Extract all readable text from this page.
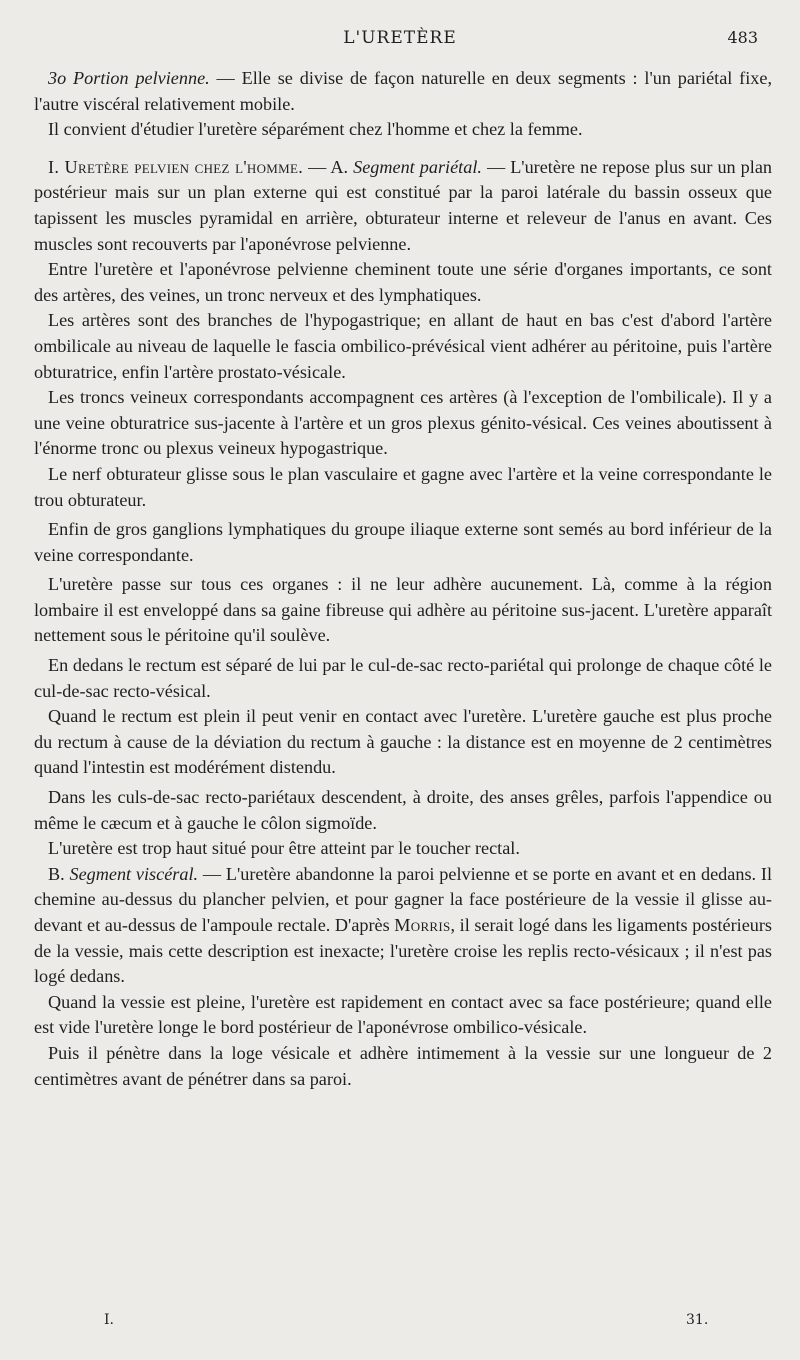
L'URETÈRE	483

3o Portion pelvienne. — Elle se divise de façon naturelle en deux segments : l'un pariétal fixe, l'autre viscéral relativement mobile.

Il convient d'étudier l'uretère séparément chez l'homme et chez la femme.

I. Uretère pelvien chez l'homme. — A. Segment pariétal. — L'uretère ne repose plus sur un plan postérieur mais sur un plan externe qui est constitué par la paroi latérale du bassin osseux que tapissent les muscles pyramidal en arrière, obturateur interne et releveur de l'anus en avant. Ces muscles sont recouverts par l'aponévrose pelvienne.

Entre l'uretère et l'aponévrose pelvienne cheminent toute une série d'organes importants, ce sont des artères, des veines, un tronc nerveux et des lymphatiques.

Les artères sont des branches de l'hypogastrique; en allant de haut en bas c'est d'abord l'artère ombilicale au niveau de laquelle le fascia ombilico-prévésical vient adhérer au péritoine, puis l'artère obturatrice, enfin l'artère prostato-vésicale.

Les troncs veineux correspondants accompagnent ces artères (à l'exception de l'ombilicale). Il y a une veine obturatrice sus-jacente à l'artère et un gros plexus génito-vésical. Ces veines aboutissent à l'énorme tronc ou plexus veineux hypogastrique.

Le nerf obturateur glisse sous le plan vasculaire et gagne avec l'artère et la veine correspondante le trou obturateur.

Enfin de gros ganglions lymphatiques du groupe iliaque externe sont semés au bord inférieur de la veine correspondante.

L'uretère passe sur tous ces organes : il ne leur adhère aucunement. Là, comme à la région lombaire il est enveloppé dans sa gaine fibreuse qui adhère au péritoine sus-jacent. L'uretère apparaît nettement sous le péritoine qu'il soulève.

En dedans le rectum est séparé de lui par le cul-de-sac recto-pariétal qui prolonge de chaque côté le cul-de-sac recto-vésical.

Quand le rectum est plein il peut venir en contact avec l'uretère. L'uretère gauche est plus proche du rectum à cause de la déviation du rectum à gauche : la distance est en moyenne de 2 centimètres quand l'intestin est modérément distendu.

Dans les culs-de-sac recto-pariétaux descendent, à droite, des anses grêles, parfois l'appendice ou même le cæcum et à gauche le côlon sigmoïde.

L'uretère est trop haut situé pour être atteint par le toucher rectal.

B. Segment viscéral. — L'uretère abandonne la paroi pelvienne et se porte en avant et en dedans. Il chemine au-dessus du plancher pelvien, et pour gagner la face postérieure de la vessie il glisse au-devant et au-dessus de l'ampoule rectale. D'après Morris, il serait logé dans les ligaments postérieurs de la vessie, mais cette description est inexacte; l'uretère croise les replis recto-vésicaux ; il n'est pas logé dedans.

Quand la vessie est pleine, l'uretère est rapidement en contact avec sa face postérieure; quand elle est vide l'uretère longe le bord postérieur de l'aponévrose ombilico-vésicale.

Puis il pénètre dans la loge vésicale et adhère intimement à la vessie sur une longueur de 2 centimètres avant de pénétrer dans sa paroi.

I.	31.
